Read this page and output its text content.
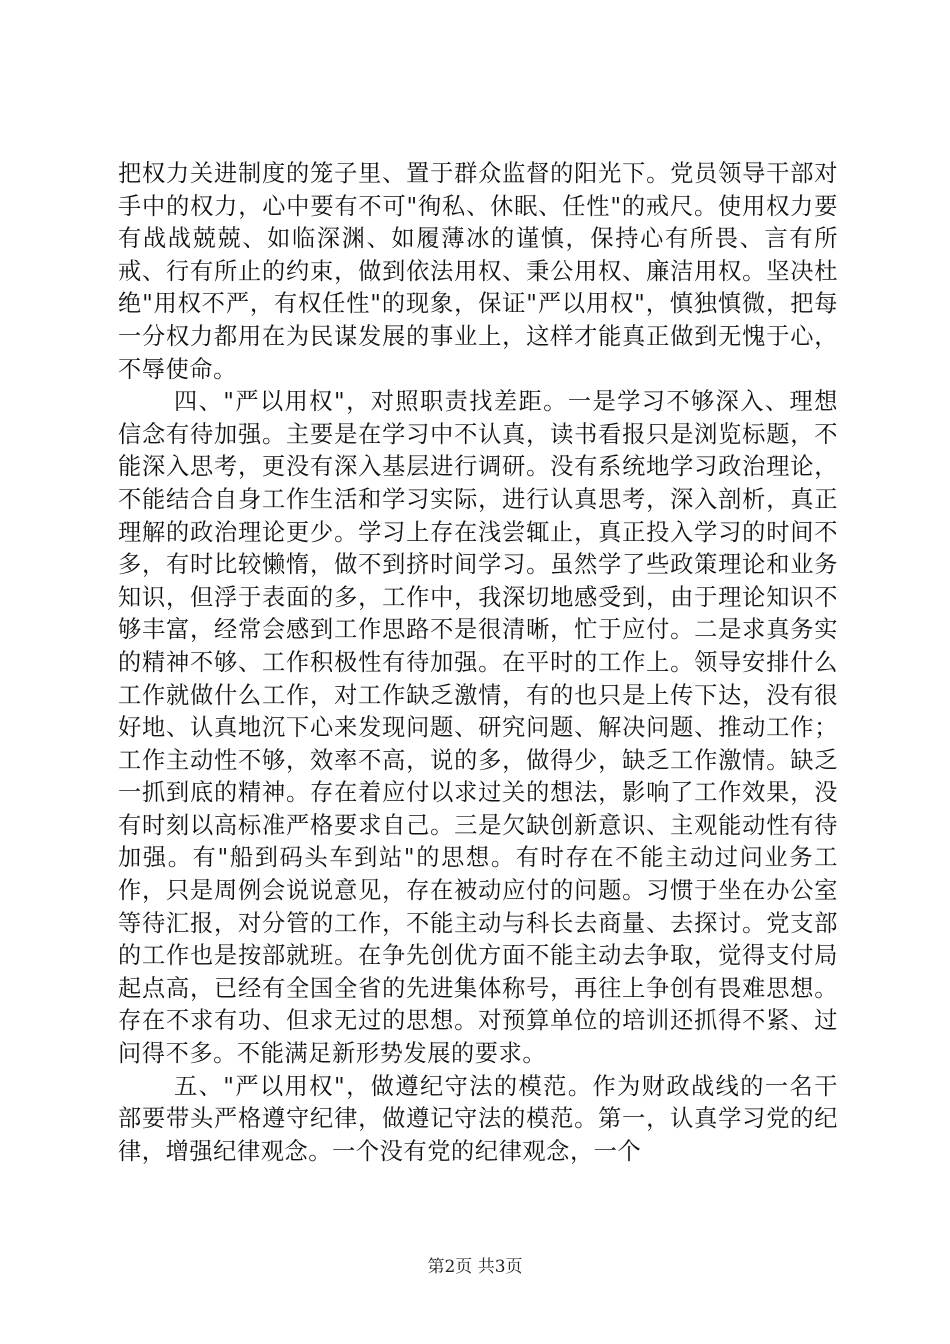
把权力关进制度的笼子里、置于群众监督的阳光下。党员领导干部对手中的权力，心中要有不可"徇私、休眠、任性"的戒尺。使用权力要有战战兢兢、如临深渊、如履薄冰的谨慎，保持心有所畏、言有所戒、行有所止的约束，做到依法用权、秉公用权、廉洁用权。坚决杜绝"用权不严，有权任性"的现象，保证"严以用权"，慎独慎微，把每一分权力都用在为民谋发展的事业上，这样才能真正做到无愧于心，不辱使命。

四、"严以用权"，对照职责找差距。一是学习不够深入、理想信念有待加强。主要是在学习中不认真，读书看报只是浏览标题，不能深入思考，更没有深入基层进行调研。没有系统地学习政治理论，不能结合自身工作生活和学习实际，进行认真思考，深入剖析，真正理解的政治理论更少。学习上存在浅尝辄止，真正投入学习的时间不多，有时比较懒惰，做不到挤时间学习。虽然学了些政策理论和业务知识，但浮于表面的多，工作中，我深切地感受到，由于理论知识不够丰富，经常会感到工作思路不是很清晰，忙于应付。二是求真务实的精神不够、工作积极性有待加强。在平时的工作上。领导安排什么工作就做什么工作，对工作缺乏激情，有的也只是上传下达，没有很好地、认真地沉下心来发现问题、研究问题、解决问题、推动工作；工作主动性不够，效率不高，说的多，做得少，缺乏工作激情。缺乏一抓到底的精神。存在着应付以求过关的想法，影响了工作效果，没有时刻以高标准严格要求自己。三是欠缺创新意识、主观能动性有待加强。有"船到码头车到站"的思想。有时存在不能主动过问业务工作，只是周例会说说意见，存在被动应付的问题。习惯于坐在办公室等待汇报，对分管的工作，不能主动与科长去商量、去探讨。党支部的工作也是按部就班。在争先创优方面不能主动去争取，觉得支付局起点高，已经有全国全省的先进集体称号，再往上争创有畏难思想。存在不求有功、但求无过的思想。对预算单位的培训还抓得不紧、过问得不多。不能满足新形势发展的要求。

五、"严以用权"，做遵纪守法的模范。作为财政战线的一名干部要带头严格遵守纪律，做遵记守法的模范。第一，认真学习党的纪律，增强纪律观念。一个没有党的纪律观念，一个

第2页 共3页
